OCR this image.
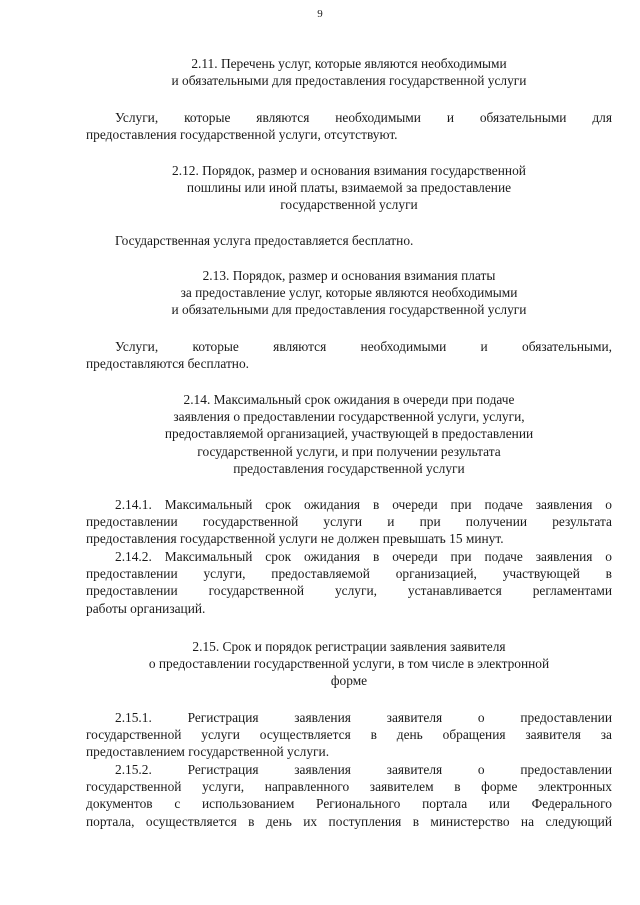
9
2.11. Перечень услуг, которые являются необходимыми
и обязательными для предоставления государственной услуги
Услуги, которые являются необходимыми и обязательными для
предоставления государственной услуги, отсутствуют.
2.12. Порядок, размер и основания взимания государственной
пошлины или иной платы, взимаемой за предоставление
государственной услуги
Государственная услуга предоставляется бесплатно.
2.13. Порядок, размер и основания взимания платы
за предоставление услуг, которые являются необходимыми
и обязательными для предоставления государственной услуги
Услуги, которые являются необходимыми и обязательными,
предоставляются бесплатно.
2.14. Максимальный срок ожидания в очереди при подаче
заявления о предоставлении государственной услуги, услуги,
предоставляемой организацией, участвующей в предоставлении
государственной услуги, и при получении результата
предоставления государственной услуги
2.14.1. Максимальный срок ожидания в очереди при подаче заявления о
предоставлении государственной услуги и при получении результата
предоставления государственной услуги не должен превышать 15 минут.
2.14.2. Максимальный срок ожидания в очереди при подаче заявления о
предоставлении услуги, предоставляемой организацией, участвующей в
предоставлении государственной услуги, устанавливается регламентами
работы организаций.
2.15. Срок и порядок регистрации заявления заявителя
о предоставлении государственной услуги, в том числе в электронной
форме
2.15.1. Регистрация заявления заявителя о предоставлении
государственной услуги осуществляется в день обращения заявителя за
предоставлением государственной услуги.
2.15.2. Регистрация заявления заявителя о предоставлении
государственной услуги, направленного заявителем в форме электронных
документов с использованием Регионального портала или Федерального
портала, осуществляется в день их поступления в министерство на следующий
